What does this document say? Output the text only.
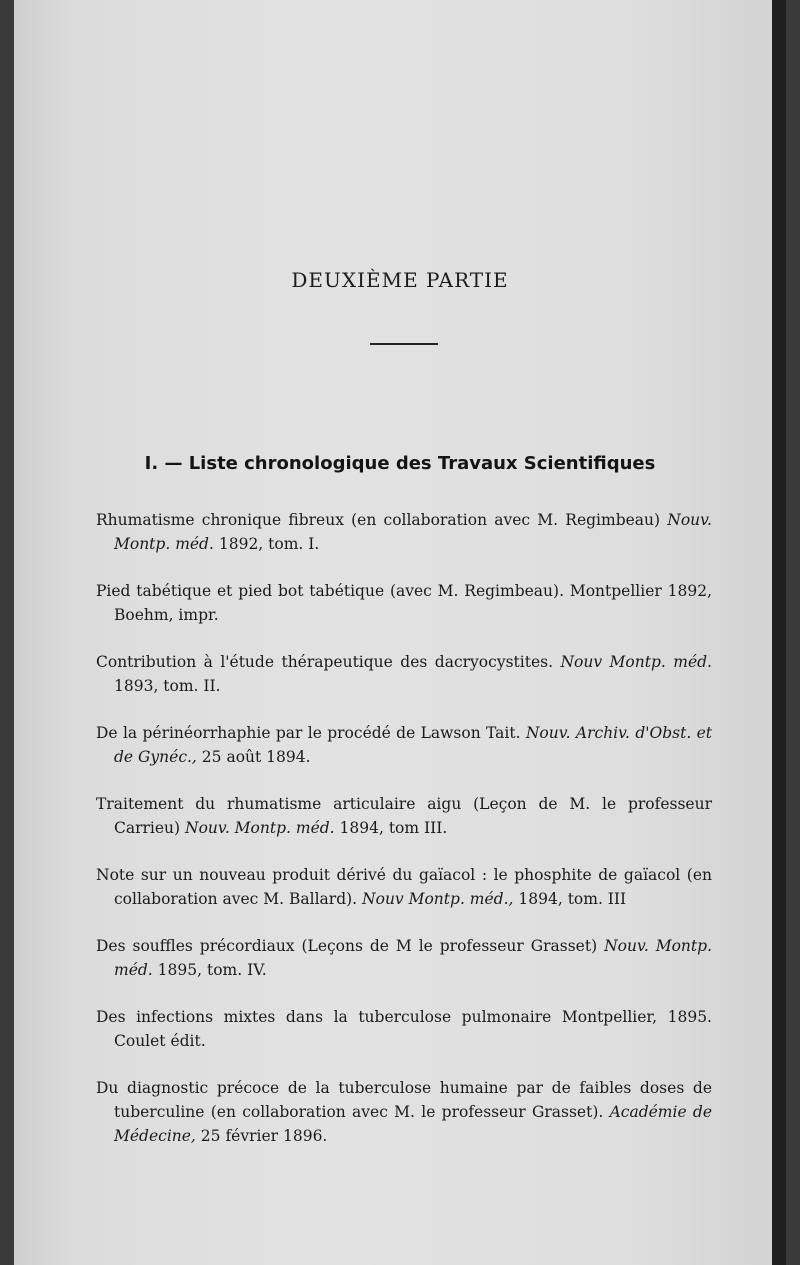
DEUXIÈME PARTIE
I. — Liste chronologique des Travaux Scientifiques

Rhumatisme chronique fibreux (en collaboration avec M. Regimbeau) Nouv. Montp. méd. 1892, tom. I.

Pied tabétique et pied bot tabétique (avec M. Regimbeau). Montpellier 1892, Boehm, impr.

Contribution à l'étude thérapeutique des dacryocystites. Nouv Montp. méd. 1893, tom. II.

De la périnéorrhaphie par le procédé de Lawson Tait. Nouv. Archiv. d'Obst. et de Gynéc., 25 août 1894.

Traitement du rhumatisme articulaire aigu (Leçon de M. le professeur Carrieu) Nouv. Montp. méd. 1894, tom III.

Note sur un nouveau produit dérivé du gaïacol : le phosphite de gaïacol (en collaboration avec M. Ballard). Nouv Montp. méd., 1894, tom. III

Des souffles précordiaux (Leçons de M le professeur Grasset) Nouv. Montp. méd. 1895, tom. IV.

Des infections mixtes dans la tuberculose pulmonaire Montpellier, 1895. Coulet édit.

Du diagnostic précoce de la tuberculose humaine par de faibles doses de tuberculine (en collaboration avec M. le professeur Grasset). Académie de Médecine, 25 février 1896.
